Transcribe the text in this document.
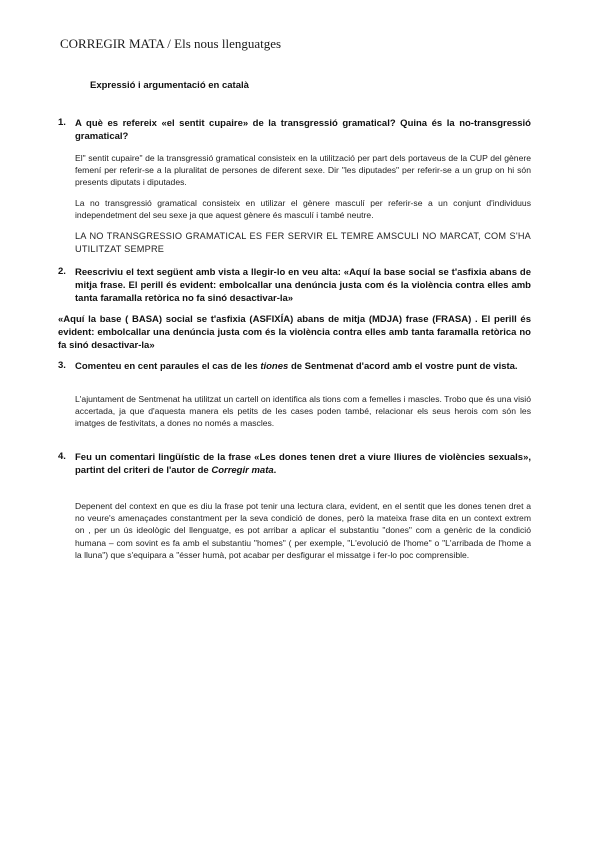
CORREGIR MATA / Els nous llenguatges
Expressió i argumentació en català
1. A què es refereix «el sentit cupaire» de la transgressió gramatical? Quina és la no-transgressió gramatical?
El" sentit cupaire" de la transgressió gramatical consisteix en la utilització per part dels portaveus de la CUP del gènere femení per referir-se a la pluralitat de persones de diferent sexe. Dir "les diputades" per referir-se a un grup on hi són presents diputats i diputades.
La no transgressió gramatical consisteix en utilizar el gènere masculí per referir-se a un conjunt d'individuus independetment del seu sexe ja que aquest gènere és masculí i també neutre.
LA NO TRANSGRESSIO GRAMATICAL ES FER SERVIR EL TEMRE AMSCULI NO MARCAT, COM S'HA UTILITZAT SEMPRE
2. Reescriviu el text següent amb vista a llegir-lo en veu alta: «Aquí la base social se t'asfixia abans de mitja frase. El perill és evident: embolcallar una denúncia justa com és la violència contra elles amb tanta faramalla retòrica no fa sinó desactivar-la»
«Aquí la base ( BASA) social se t'asfixia (ASFIXÍA) abans de mitja (MDJA) frase (FRASA) . El perill és evident: embolcallar una denúncia justa com és la violència contra elles amb tanta faramalla retòrica no fa sinó desactivar-la»
3. Comenteu en cent paraules el cas de les tiones de Sentmenat d'acord amb el vostre punt de vista.
L'ajuntament de Sentmenat ha utilitzat un cartell on identifica als tions com a femelles i mascles. Trobo que és una visió accertada, ja que d'aquesta manera els petits de les cases poden també, relacionar els seus herois com són les imatges de festivitats, a dones no només a mascles.
4. Feu un comentari lingüístic de la frase «Les dones tenen dret a viure lliures de violències sexuals», partint del criteri de l'autor de Corregir mata.
Depenent del context en que es diu la frase pot tenir una lectura clara, evident, en el sentit que les dones tenen dret a no veure's amenaçades constantment per la seva condició de dones, però la mateixa frase dita en un context extrem on , per un ús ideològic del llenguatge, es pot arribar a aplicar el substantiu "dones" com a genèric de la condició humana – com sovint es fa amb el substantiu "homes" ( per exemple, "L'evolució de l'home" o "L'arribada de l'home a la lluna") que s'equipara a "ésser humà, pot acabar per desfigurar el missatge i fer-lo poc comprensible.
